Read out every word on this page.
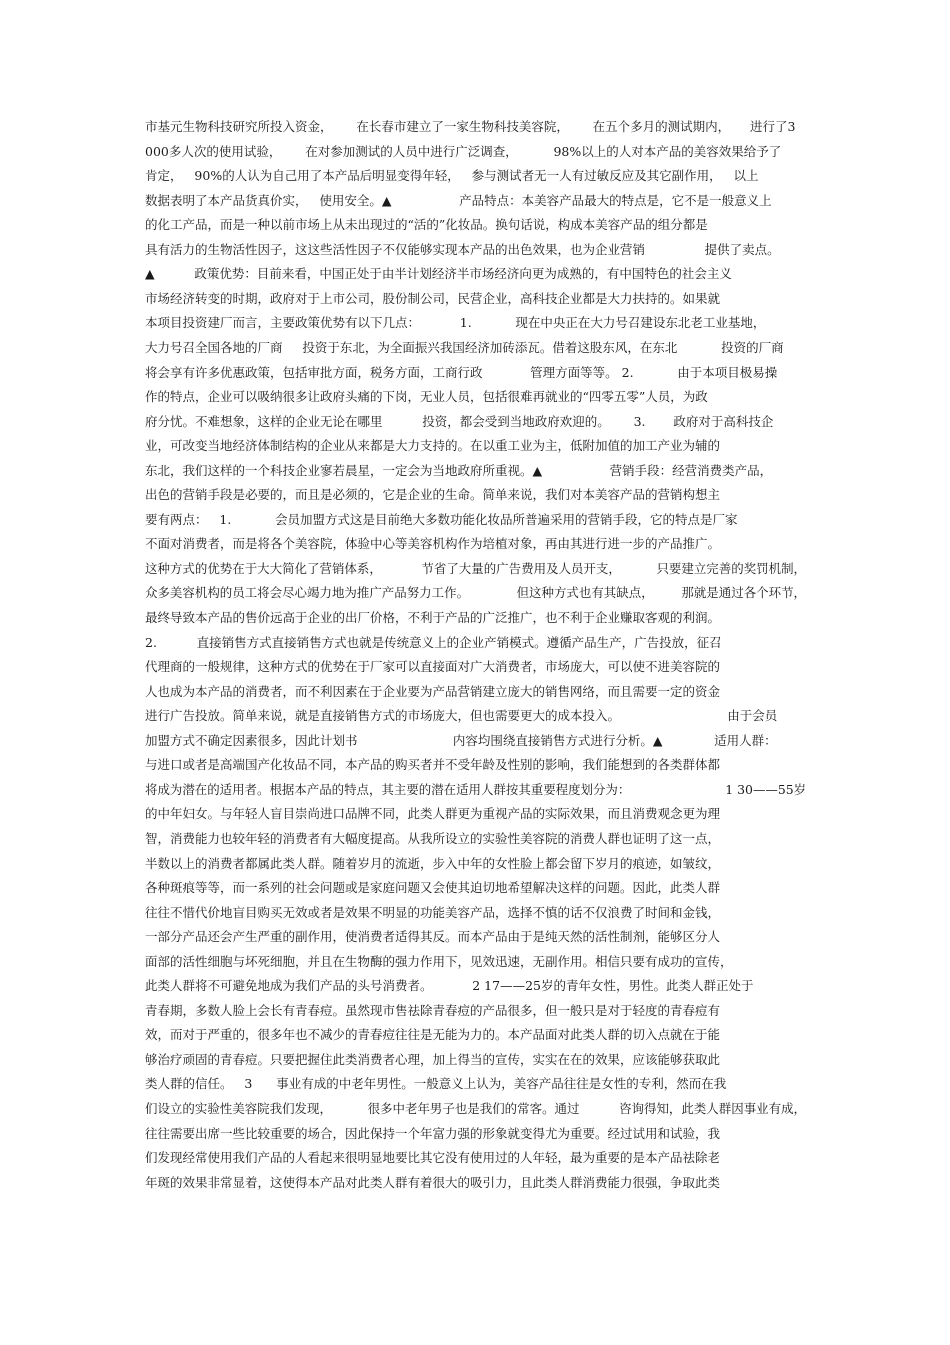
市基元生物科技研究所投入资金，      在长春市建立了一家生物科技美容院，      在五个多月的测试期内，     进行了3
000多人次的使用试验，      在对参加测试的人员中进行广泛调查，         98%以上的人对本产品的美容效果给予了
肯定，   90%的人认为自己用了本产品后明显变得年轻，   参与测试者无一人有过敏反应及其它副作用，   以上
数据表明了本产品货真价实，   使用安全。▲                 产品特点：本美容产品最大的特点是，它不是一般意义上
的化工产品，而是一种以前市场上从未出现过的“活的”化妆品。换句话说，构成本美容产品的组分都是
具有活力的生物活性因子，这这些活性因子不仅能够实现本产品的出色效果，也为企业营销               提供了卖点。
▲          政策优势：目前来看，中国正处于由半计划经济半市场经济向更为成熟的，有中国特色的社会主义
市场经济转变的时期，政府对于上市公司，股份制公司，民营企业，高科技企业都是大力扶持的。如果就
本项目投资建厂而言，主要政策优势有以下几点：          1.           现在中央正在大力号召建设东北老工业基地，
大力号召全国各地的厂商     投资于东北，为全面振兴我国经济加砖添瓦。借着这股东风，在东北           投资的厂商
将会享有许多优惠政策，包括审批方面，税务方面，工商行政            管理方面等等。 2.           由于本项目极易操
作的特点，企业可以吸纳很多让政府头痛的下岗，无业人员，包括很难再就业的“四零五零”人员，为政
府分忧。不难想象，这样的企业无论在哪里          投资，都会受到当地政府欢迎的。      3.       政府对于高科技企
业，可改变当地经济体制结构的企业从来都是大力支持的。在以重工业为主，低附加值的加工产业为辅的
东北，我们这样的一个科技企业寥若晨星，一定会为当地政府所重视。▲                 营销手段：经营消费类产品，
出色的营销手段是必要的，而且是必须的，它是企业的生命。简单来说，我们对本美容产品的营销构想主
要有两点：   1.           会员加盟方式这是目前绝大多数功能化妆品所普遍采用的营销手段，它的特点是厂家
不面对消费者，而是将各个美容院，体验中心等美容机构作为培植对象，再由其进行进一步的产品推广。
这种方式的优势在于大大简化了营销体系，          节省了大量的广告费用及人员开支，         只要建立完善的奖罚机制，
众多美容机构的员工将会尽心竭力地为推广产品努力工作。            但这种方式也有其缺点，       那就是通过各个环节，
最终导致本产品的售价远高于企业的出厂价格，不利于产品的广泛推广，也不利于企业赚取客观的利润。
2.          直接销售方式直接销售方式也就是传统意义上的企业产销模式。遵循产品生产，广告投放，征召
代理商的一般规律，这种方式的优势在于厂家可以直接面对广大消费者，市场庞大，可以使不进美容院的
人也成为本产品的消费者，而不利因素在于企业要为产品营销建立庞大的销售网络，而且需要一定的资金
进行广告投放。简单来说，就是直接销售方式的市场庞大，但也需要更大的成本投入。                           由于会员
加盟方式不确定因素很多，因此计划书                        内容均围绕直接销售方式进行分析。▲             适用人群：
与进口或者是高端国产化妆品不同，本产品的购买者并不受年龄及性别的影响，我们能想到的各类群体都
将成为潜在的适用者。根据本产品的特点，其主要的潜在适用人群按其重要程度划分为：                        1 30——55岁
的中年妇女。与年轻人盲目崇尚进口品牌不同，此类人群更为重视产品的实际效果，而且消费观念更为理
智，消费能力也较年轻的消费者有大幅度提高。从我所设立的实验性美容院的消费人群也证明了这一点，
半数以上的消费者都属此类人群。随着岁月的流逝，步入中年的女性脸上都会留下岁月的痕迹，如皱纹，
各种斑痕等等，而一系列的社会问题或是家庭问题又会使其迫切地希望解决这样的问题。因此，此类人群
往往不惜代价地盲目购买无效或者是效果不明显的功能美容产品，选择不慎的话不仅浪费了时间和金钱，
一部分产品还会产生严重的副作用，使消费者适得其反。而本产品由于是纯天然的活性制剂，能够区分人
面部的活性细胞与坏死细胞，并且在生物酶的强力作用下，见效迅速，无副作用。相信只要有成功的宣传，
此类人群将不可避免地成为我们产品的头号消费者。          2 17——25岁的青年女性，男性。此类人群正处于
青春期，多数人脸上会长有青春痘。虽然现市售祛除青春痘的产品很多，但一般只是对于轻度的青春痘有
效，而对于严重的，很多年也不减少的青春痘往往是无能为力的。本产品面对此类人群的切入点就在于能
够治疗顽固的青春痘。只要把握住此类消费者心理，加上得当的宣传，实实在在的效果，应该能够获取此
类人群的信任。   3      事业有成的中老年男性。一般意义上认为，美容产品往往是女性的专利，然而在我
们设立的实验性美容院我们发现，         很多中老年男子也是我们的常客。通过          咨询得知，此类人群因事业有成，
往往需要出席一些比较重要的场合，因此保持一个年富力强的形象就变得尤为重要。经过试用和试验，我
们发现经常使用我们产品的人看起来很明显地要比其它没有使用过的人年轻，最为重要的是本产品祛除老
年斑的效果非常显着，这使得本产品对此类人群有着很大的吸引力，且此类人群消费能力很强，争取此类
